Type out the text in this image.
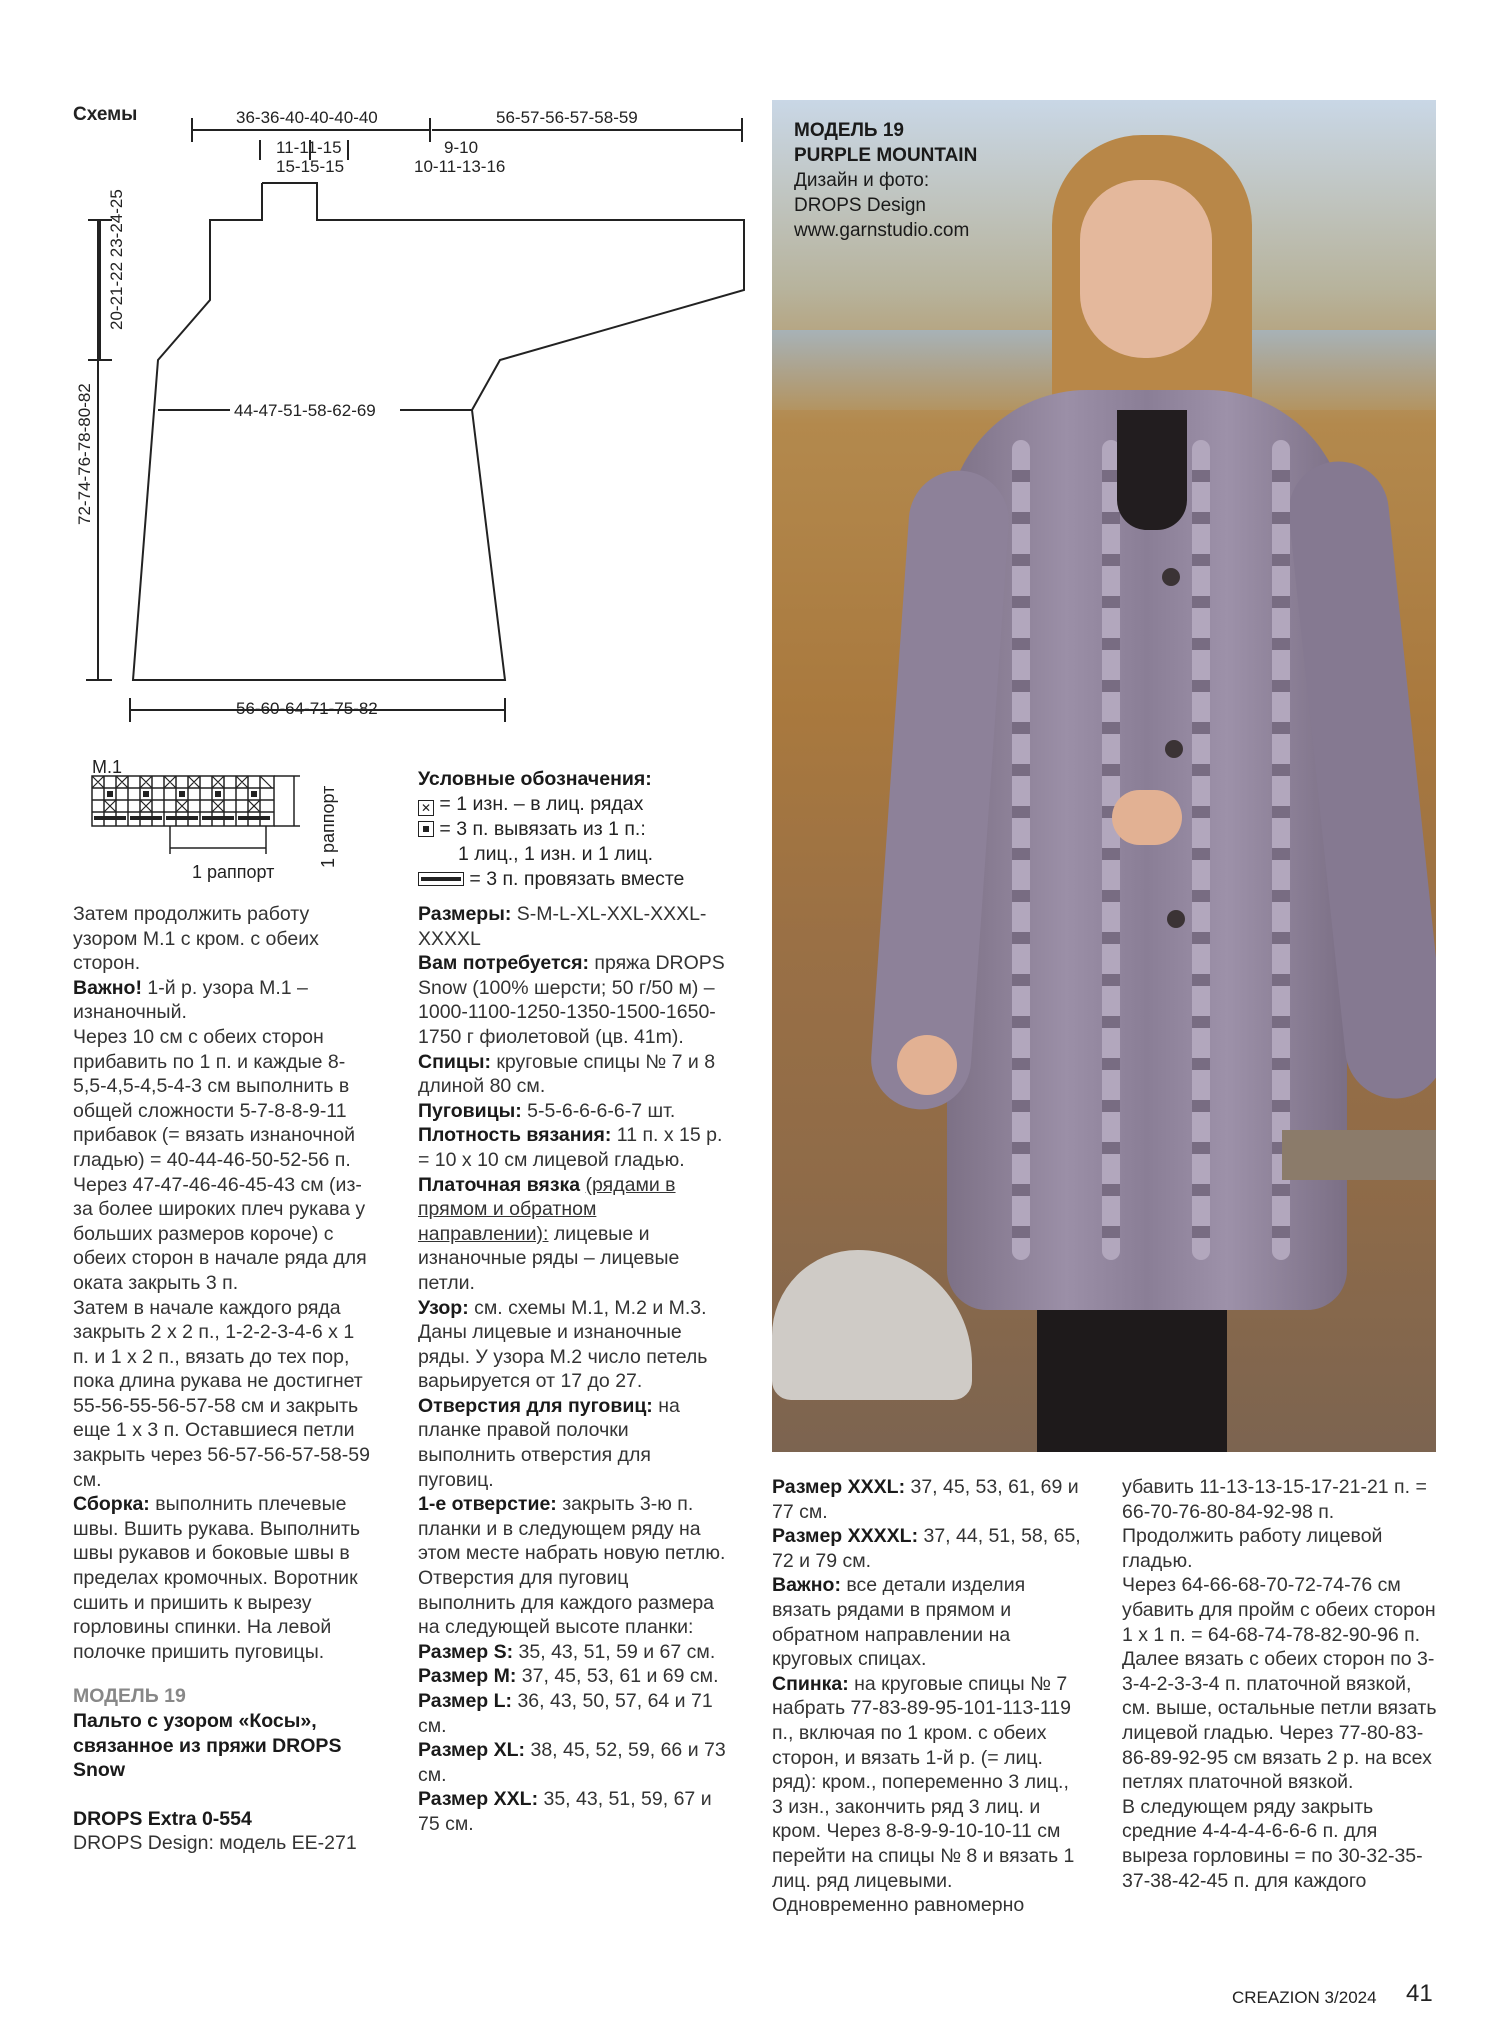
Схемы	36-36-40-40-40-40	56-57-56-57-58-59
11-11-15
15-15-15
9-10
10-11-13-16
44-47-51-58-62-69
56-60-64-71-75-82
20-21-22 23-24-25
72-74-76-78-80-82
M.1
1 раппорт
1 раппорт
Условные обозначения:
✕ = 1 изн. – в лиц. рядах
= 3 п. вывязать из 1 п.:
1 лиц., 1 изн. и 1 лиц.
= 3 п. провязать вместе
МОДЕЛЬ 19
PURPLE MOUNTAIN
Дизайн и фото:
DROPS Design
www.garnstudio.com

Затем продолжить работу узором М.1 с кром. с обеих сторон.

Важно! 1-й р. узора М.1 – изнаночный.

Через 10 см с обеих сторон прибавить по 1 п. и каждые 8-5,5-4,5-4,5-4-3 см выполнить в общей сложности 5-7-8-8-9-11 прибавок (= вязать изнаночной гладью) = 40-44-46-50-52-56 п.

Через 47-47-46-46-45-43 см (из-за более широких плеч рукава у больших размеров короче) с обеих сторон в начале ряда для оката закрыть 3 п.

Затем в начале каждого ряда закрыть 2 х 2 п., 1-2-2-3-4-6 х 1 п. и 1 х 2 п., вязать до тех пор, пока длина рукава не достигнет 55-56-55-56-57-58 см и закрыть еще 1 х 3 п. Оставшиеся петли закрыть через 56-57-56-57-58-59 см.

Сборка: выполнить плечевые швы. Вшить рукава. Выполнить швы рукавов и боковые швы в пределах кромочных. Воротник сшить и пришить к вырезу горловины спинки. На левой полочке пришить пуговицы.

МОДЕЛЬ 19

Пальто с узором «Косы», связанное из пряжи DROPS Snow

DROPS Extra 0-554

DROPS Design: модель EE-271

Размеры: S-M-L-XL-XXL-XXXL-XXXXL

Вам потребуется: пряжа DROPS Snow (100% шерсти; 50 г/50 м) – 1000-1100-1250-1350-1500-1650-1750 г фиолетовой (цв. 41m).

Спицы: круговые спицы № 7 и 8 длиной 80 см.

Пуговицы: 5-5-6-6-6-6-7 шт.

Плотность вязания: 11 п. х 15 р. = 10 х 10 см лицевой гладью.

Платочная вязка (рядами в прямом и обратном направлении): лицевые и изнаночные ряды – лицевые петли.

Узор: см. схемы М.1, М.2 и М.3. Даны лицевые и изнаночные ряды. У узора М.2 число петель варьируется от 17 до 27.

Отверстия для пуговиц: на планке правой полочки выполнить отверстия для пуговиц.

1-е отверстие: закрыть 3-ю п. планки и в следующем ряду на этом месте набрать новую петлю.

Отверстия для пуговиц выполнить для каждого размера на следующей высоте планки:

Размер S: 35, 43, 51, 59 и 67 см.

Размер M: 37, 45, 53, 61 и 69 см.

Размер L: 36, 43, 50, 57, 64 и 71 см.

Размер XL: 38, 45, 52, 59, 66 и 73 см.

Размер XXL: 35, 43, 51, 59, 67 и 75 см.

Размер XXXL: 37, 45, 53, 61, 69 и 77 см.

Размер XXXXL: 37, 44, 51, 58, 65, 72 и 79 см.

Важно: все детали изделия вязать рядами в прямом и обратном направлении на круговых спицах.

Спинка: на круговые спицы № 7 набрать 77-83-89-95-101-113-119 п., включая по 1 кром. с обеих сторон, и вязать 1-й р. (= лиц. ряд): кром., попеременно 3 лиц., 3 изн., закончить ряд 3 лиц. и кром. Через 8-8-9-9-10-10-11 см перейти на спицы № 8 и вязать 1 лиц. ряд лицевыми. Одновременно равномерно

убавить 11-13-13-15-17-21-21 п. = 66-70-76-80-84-92-98 п. Продолжить работу лицевой гладью.

Через 64-66-68-70-72-74-76 см убавить для пройм с обеих сторон 1 х 1 п. = 64-68-74-78-82-90-96 п.

Далее вязать с обеих сторон по 3-3-4-2-3-3-4 п. платочной вязкой, см. выше, остальные петли вязать лицевой гладью. Через 77-80-83-86-89-92-95 см вязать 2 р. на всех петлях платочной вязкой.

В следующем ряду закрыть средние 4-4-4-4-6-6-6 п. для выреза горловины = по 30-32-35-37-38-42-45 п. для каждого

CREAZION 3/2024 41
